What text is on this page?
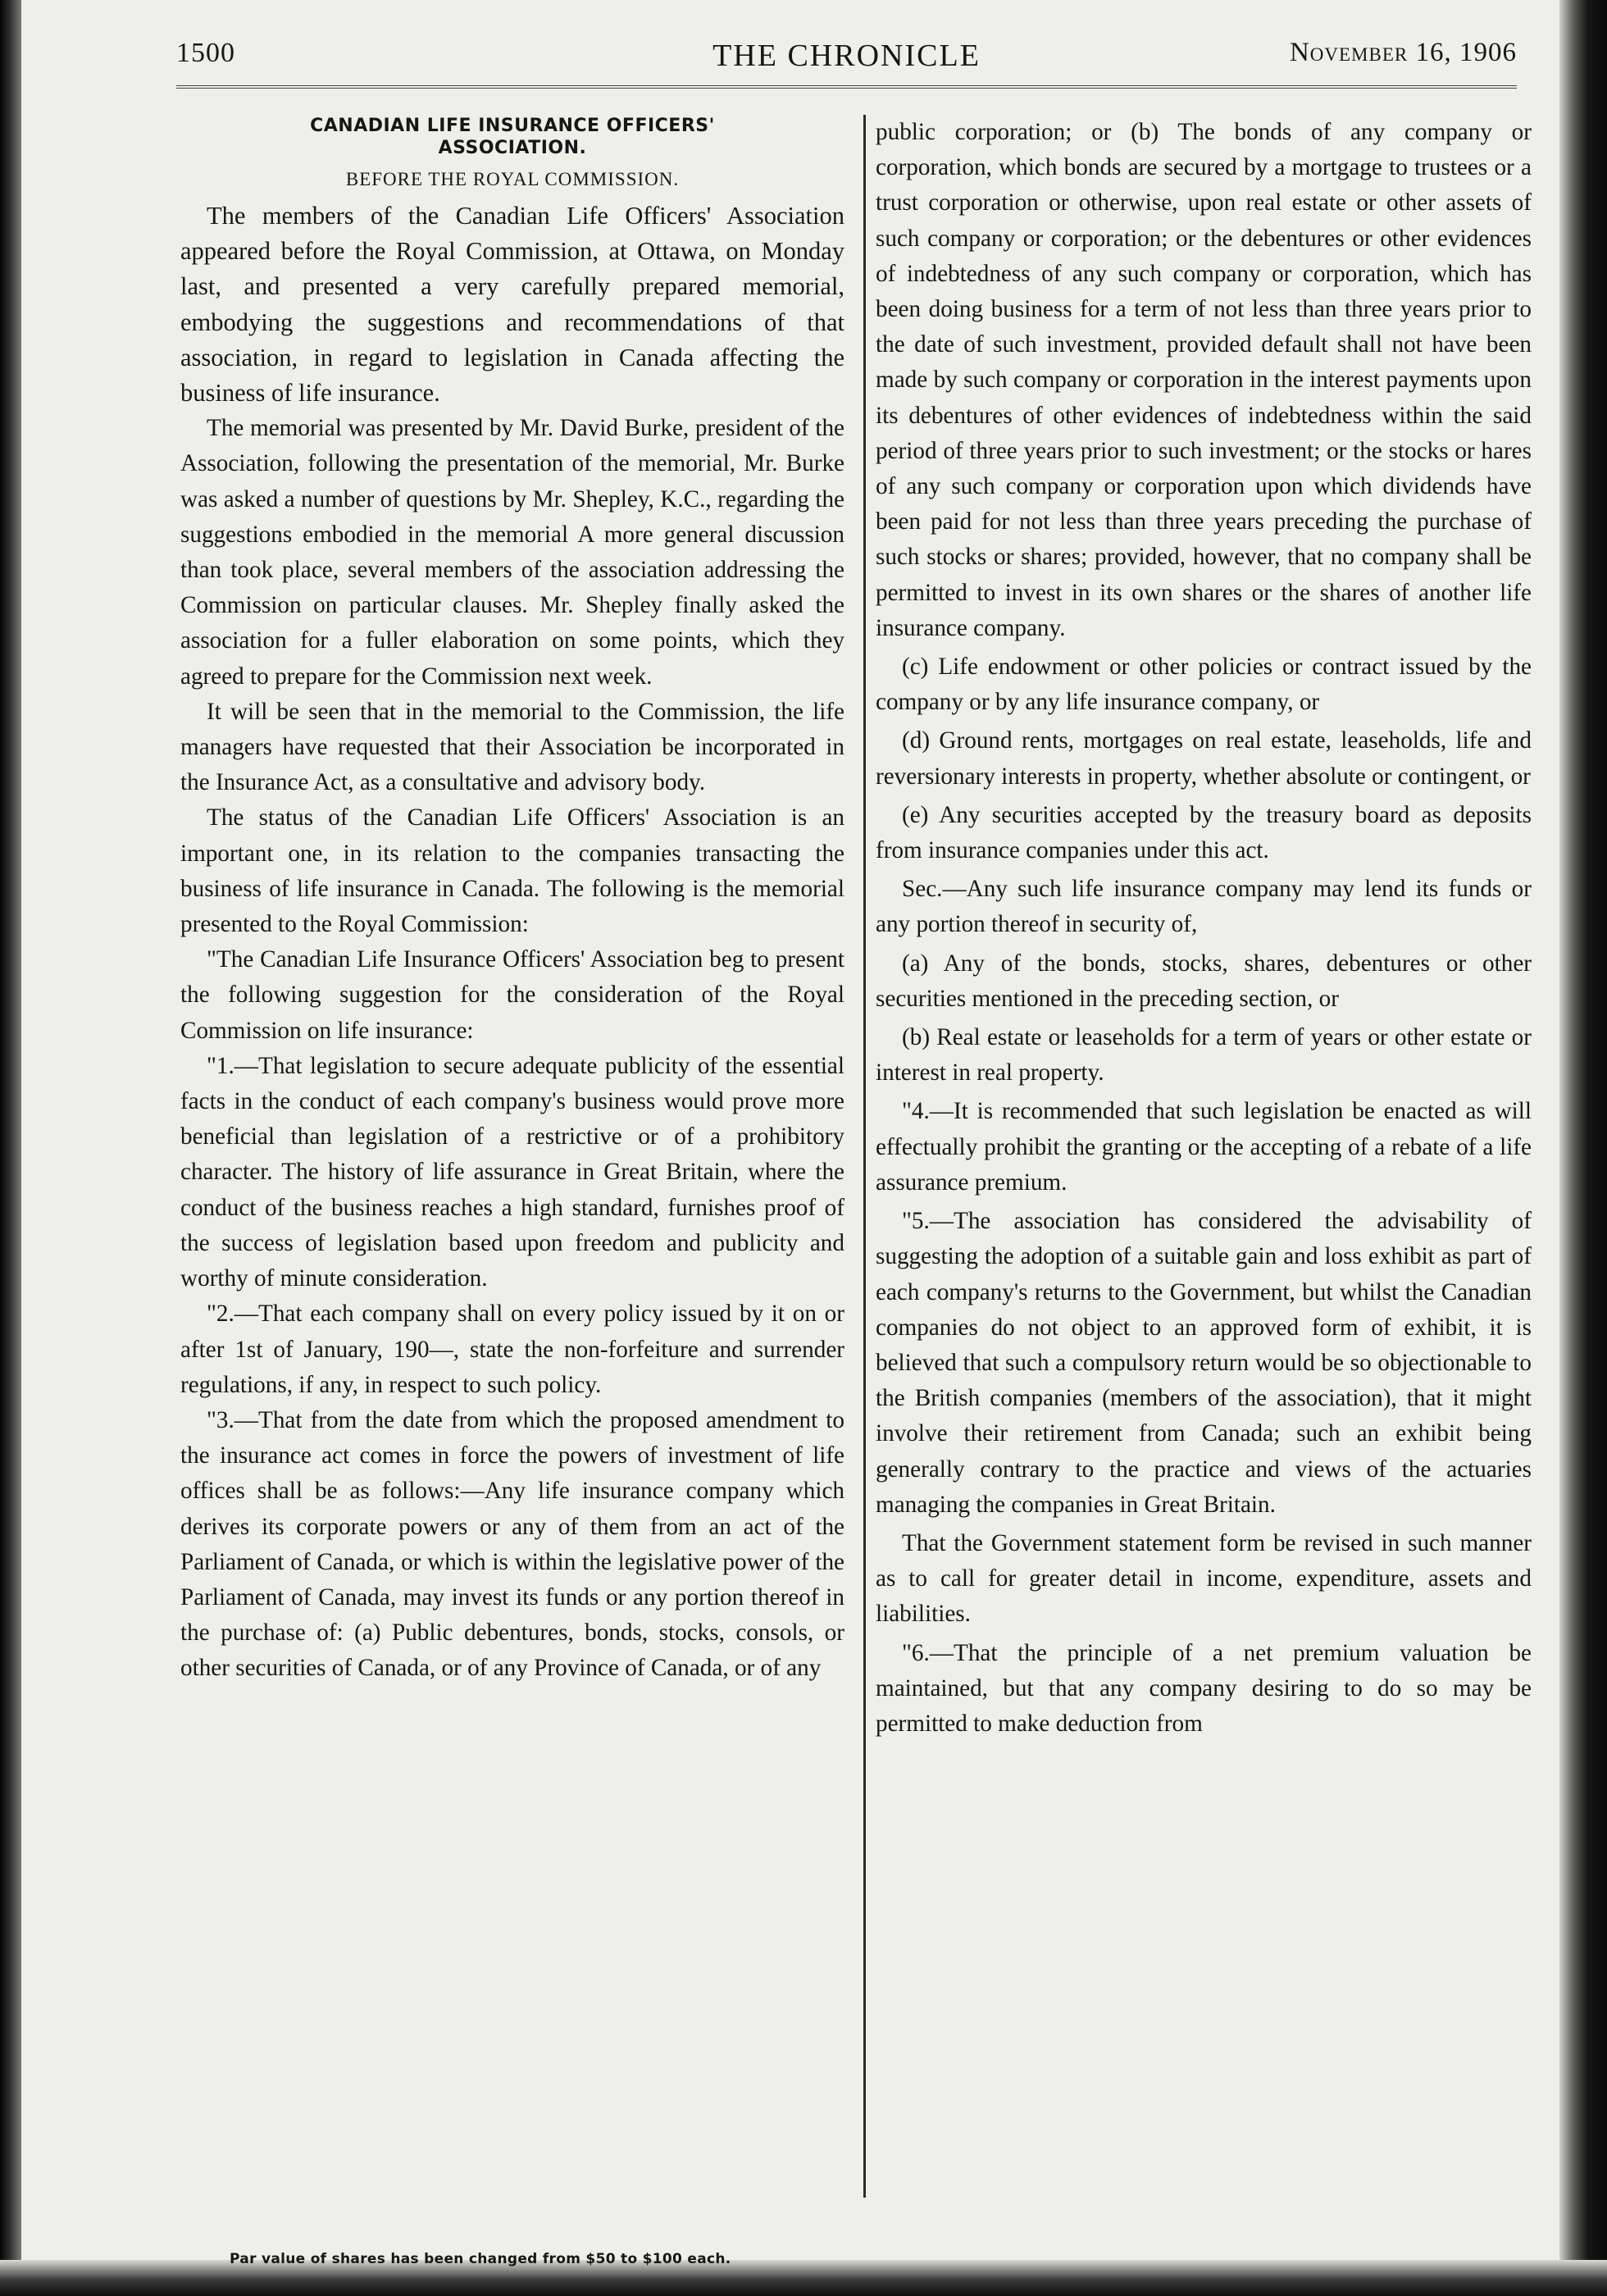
1500	THE CHRONICLE	November 16, 1906
CANADIAN LIFE INSURANCE OFFICERS'
ASSOCIATION.
BEFORE THE ROYAL COMMISSION.

The members of the Canadian Life Officers' Association appeared before the Royal Commission, at Ottawa, on Monday last, and presented a very carefully prepared memorial, embodying the suggestions and recommendations of that association, in regard to legislation in Canada affecting the business of life insurance.

The memorial was presented by Mr. David Burke, president of the Association, following the presentation of the memorial, Mr. Burke was asked a number of questions by Mr. Shepley, K.C., regarding the suggestions embodied in the memorial A more general discussion than took place, several members of the association addressing the Commission on particular clauses. Mr. Shepley finally asked the association for a fuller elaboration on some points, which they agreed to prepare for the Commission next week.

It will be seen that in the memorial to the Commission, the life managers have requested that their Association be incorporated in the Insurance Act, as a consultative and advisory body.

The status of the Canadian Life Officers' Association is an important one, in its relation to the companies transacting the business of life insurance in Canada. The following is the memorial presented to the Royal Commission:

"The Canadian Life Insurance Officers' Association beg to present the following suggestion for the consideration of the Royal Commission on life insurance:

"1.—That legislation to secure adequate publicity of the essential facts in the conduct of each company's business would prove more beneficial than legislation of a restrictive or of a prohibitory character. The history of life assurance in Great Britain, where the conduct of the business reaches a high standard, furnishes proof of the success of legislation based upon freedom and publicity and worthy of minute consideration.

"2.—That each company shall on every policy issued by it on or after 1st of January, 190—, state the non-forfeiture and surrender regulations, if any, in respect to such policy.

"3.—That from the date from which the proposed amendment to the insurance act comes in force the powers of investment of life offices shall be as follows:—Any life insurance company which derives its corporate powers or any of them from an act of the Parliament of Canada, or which is within the legislative power of the Parliament of Canada, may invest its funds or any portion thereof in the purchase of: (a) Public debentures, bonds, stocks, consols, or other securities of Canada, or of any Province of Canada, or of any

public corporation; or (b) The bonds of any company or corporation, which bonds are secured by a mortgage to trustees or a trust corporation or otherwise, upon real estate or other assets of such company or corporation; or the debentures or other evidences of indebtedness of any such company or corporation, which has been doing business for a term of not less than three years prior to the date of such investment, provided default shall not have been made by such company or corporation in the interest payments upon its debentures of other evidences of indebtedness within the said period of three years prior to such investment; or the stocks or hares of any such company or corporation upon which dividends have been paid for not less than three years preceding the purchase of such stocks or shares; provided, however, that no company shall be permitted to invest in its own shares or the shares of another life insurance company.

(c) Life endowment or other policies or contract issued by the company or by any life insurance company, or

(d) Ground rents, mortgages on real estate, leaseholds, life and reversionary interests in property, whether absolute or contingent, or

(e) Any securities accepted by the treasury board as deposits from insurance companies under this act.

Sec.—Any such life insurance company may lend its funds or any portion thereof in security of,

(a) Any of the bonds, stocks, shares, debentures or other securities mentioned in the preceding section, or

(b) Real estate or leaseholds for a term of years or other estate or interest in real property.

"4.—It is recommended that such legislation be enacted as will effectually prohibit the granting or the accepting of a rebate of a life assurance premium.

"5.—The association has considered the advisability of suggesting the adoption of a suitable gain and loss exhibit as part of each company's returns to the Government, but whilst the Canadian companies do not object to an approved form of exhibit, it is believed that such a compulsory return would be so objectionable to the British companies (members of the association), that it might involve their retirement from Canada; such an exhibit being generally contrary to the practice and views of the actuaries managing the companies in Great Britain.

That the Government statement form be revised in such manner as to call for greater detail in income, expenditure, assets and liabilities.

"6.—That the principle of a net premium valuation be maintained, but that any company desiring to do so may be permitted to make deduction from

Par value of shares has been changed from $50 to $100 each.
